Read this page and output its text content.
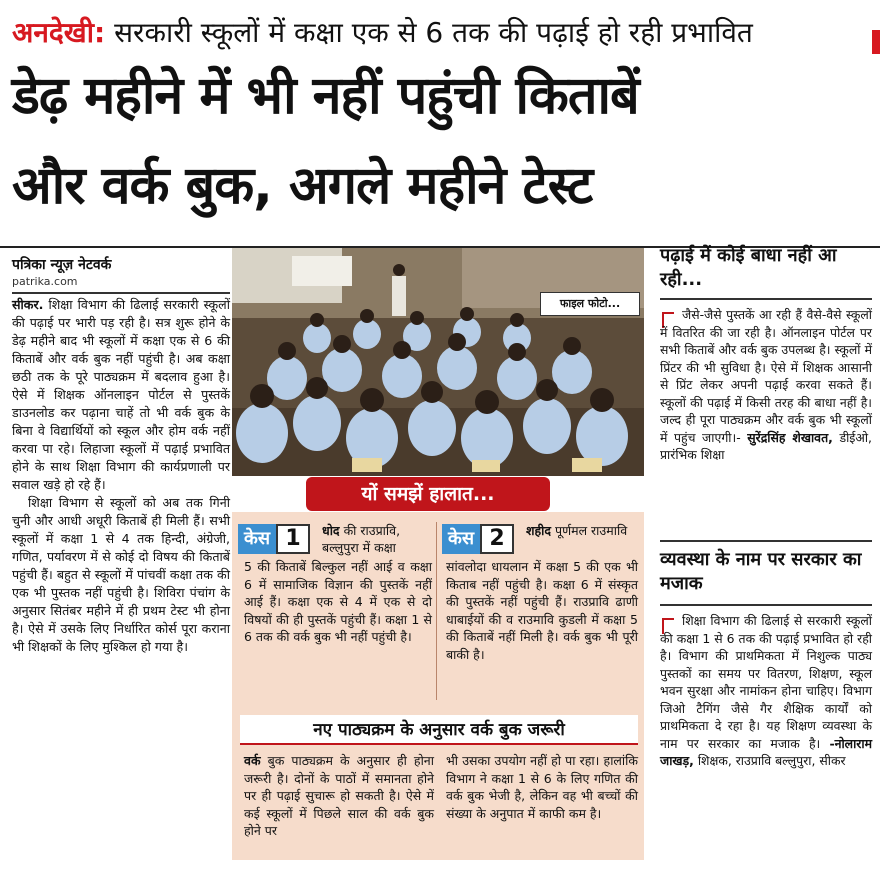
अनदेखी: सरकारी स्कूलों में कक्षा एक से 6 तक की पढ़ाई हो रही प्रभावित
डेढ़ महीने में भी नहीं पहुंची किताबें
और वर्क बुक, अगले महीने टेस्ट
पत्रिका न्यूज़ नेटवर्क
patrika.com

सीकर. शिक्षा विभाग की ढिलाई सरकारी स्कूलों की पढ़ाई पर भारी पड़ रही है। सत्र शुरू होने के डेढ़ महीने बाद भी स्कूलों में कक्षा एक से 6 की किताबें और वर्क बुक नहीं पहुंची है। अब कक्षा छठी तक के पूरे पाठ्यक्रम में बदलाव हुआ है। ऐसे में शिक्षक ऑनलाइन पोर्टल से पुस्तकें डाउनलोड कर पढ़ाना चाहें तो भी वर्क बुक के बिना वे विद्यार्थियों को स्कूल और होम वर्क नहीं करवा पा रहे। लिहाजा स्कूलों में पढ़ाई प्रभावित होने के साथ शिक्षा विभाग की कार्यप्रणाली पर सवाल खड़े हो रहे हैं।

शिक्षा विभाग से स्कूलों को अब तक गिनी चुनी और आधी अधूरी किताबें ही मिली हैं। सभी स्कूलों में कक्षा 1 से 4 तक हिन्दी, अंग्रेजी, गणित, पर्यावरण में से कोई दो विषय की किताबें पहुंची हैं। बहुत से स्कूलों में पांचवीं कक्षा तक की एक भी पुस्तक नहीं पहुंची है। शिविरा पंचांग के अनुसार सितंबर महीने में ही प्रथम टेस्ट भी होना है। ऐसे में उसके लिए निर्धारित कोर्स पूरा कराना भी शिक्षकों के लिए मुश्किल हो गया है।

फाइल फोटो...
यों समझें हालात...
केस 1	धोद की राउप्रावि, बल्लुपुरा में कक्षा
5 की किताबें बिल्कुल नहीं आई व कक्षा 6 में सामाजिक विज्ञान की पुस्तकें नहीं आई हैं। कक्षा एक से 4 में एक से दो विषयों की ही पुस्तकें पहुंची हैं। कक्षा 1 से 6 तक की वर्क बुक भी नहीं पहुंची है।
केस 2	शहीद पूर्णमल राउमावि
सांवलोदा धायलान में कक्षा 5 की एक भी किताब नहीं पहुंची है। कक्षा 6 में संस्कृत की पुस्तकें नहीं पहुंची हैं। राउप्रावि ढाणी धाबाईयों की व राउमावि कुडली में कक्षा 5 की किताबें नहीं मिली है। वर्क बुक भी पूरी बाकी है।
नए पाठ्यक्रम के अनुसार वर्क बुक जरूरी
वर्क बुक पाठ्यक्रम के अनुसार ही होना जरूरी है। दोनों के पाठों में समानता होने पर ही पढ़ाई सुचारू हो सकती है। ऐसे में कई स्कूलों में पिछले साल की वर्क बुक होने पर
भी उसका उपयोग नहीं हो पा रहा। हालांकि विभाग ने कक्षा 1 से 6 के लिए गणित की वर्क बुक भेजी है, लेकिन वह भी बच्चों की संख्या के अनुपात में काफी कम है।
पढ़ाई में कोई बाधा नहीं आ रही...
जैसे-जैसे पुस्तकें आ रही हैं वैसे-वैसे स्कूलों में वितरित की जा रही है। ऑनलाइन पोर्टल पर सभी किताबें और वर्क बुक उपलब्ध है। स्कूलों में प्रिंटर की भी सुविधा है। ऐसे में शिक्षक आसानी से प्रिंट लेकर अपनी पढ़ाई करवा सकते हैं। स्कूलों की पढ़ाई में किसी तरह की बाधा नहीं है। जल्द ही पूरा पाठ्यक्रम और वर्क बुक भी स्कूलों में पहुंच जाएगी।- सुरेंद्रसिंह शेखावत, डीईओ, प्रारंभिक शिक्षा
व्यवस्था के नाम पर सरकार का मजाक
शिक्षा विभाग की ढिलाई से सरकारी स्कूलों की कक्षा 1 से 6 तक की पढ़ाई प्रभावित हो रही है। विभाग की प्राथमिकता में निशुल्क पाठ्य पुस्तकों का समय पर वितरण, शिक्षण, स्कूल भवन सुरक्षा और नामांकन होना चाहिए। विभाग जिओ टैगिंग जैसे गैर शैक्षिक कार्यों को प्राथमिकता दे रहा है। यह शिक्षण व्यवस्था के नाम पर सरकार का मजाक है। -नोलाराम जाखड़, शिक्षक, राउप्रावि बल्लुपुरा, सीकर
